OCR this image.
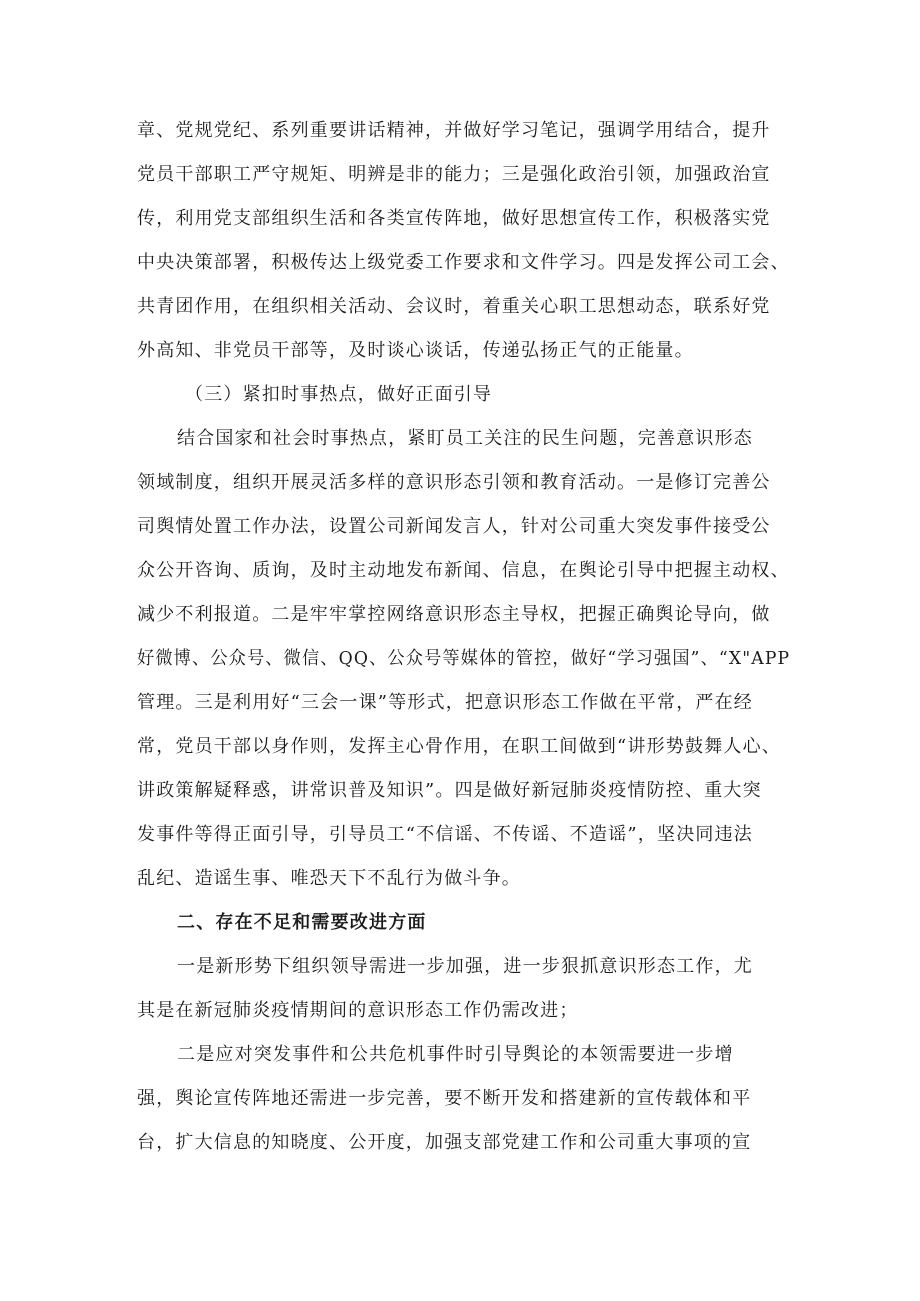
章、党规党纪、系列重要讲话精神，并做好学习笔记，强调学用结合，提升
党员干部职工严守规矩、明辨是非的能力；三是强化政治引领，加强政治宣
传，利用党支部组织生活和各类宣传阵地，做好思想宣传工作，积极落实党
中央决策部署，积极传达上级党委工作要求和文件学习。四是发挥公司工会、
共青团作用，在组织相关活动、会议时，着重关心职工思想动态，联系好党
外高知、非党员干部等，及时谈心谈话，传递弘扬正气的正能量。
（三）紧扣时事热点，做好正面引导
结合国家和社会时事热点，紧盯员工关注的民生问题，完善意识形态
领域制度，组织开展灵活多样的意识形态引领和教育活动。一是修订完善公
司舆情处置工作办法，设置公司新闻发言人，针对公司重大突发事件接受公
众公开咨询、质询，及时主动地发布新闻、信息，在舆论引导中把握主动权、
减少不利报道。二是牢牢掌控网络意识形态主导权，把握正确舆论导向，做
好微博、公众号、微信、QQ、公众号等媒体的管控，做好“学习强国”、“X"APP
管理。三是利用好“三会一课”等形式，把意识形态工作做在平常，严在经
常，党员干部以身作则，发挥主心骨作用，在职工间做到“讲形势鼓舞人心、
讲政策解疑释惑，讲常识普及知识”。四是做好新冠肺炎疫情防控、重大突
发事件等得正面引导，引导员工“不信谣、不传谣、不造谣”，坚决同违法
乱纪、造谣生事、唯恐天下不乱行为做斗争。
二、存在不足和需要改进方面
一是新形势下组织领导需进一步加强，进一步狠抓意识形态工作，尤
其是在新冠肺炎疫情期间的意识形态工作仍需改进；
二是应对突发事件和公共危机事件时引导舆论的本领需要进一步增
强，舆论宣传阵地还需进一步完善，要不断开发和搭建新的宣传载体和平
台，扩大信息的知晓度、公开度，加强支部党建工作和公司重大事项的宣
